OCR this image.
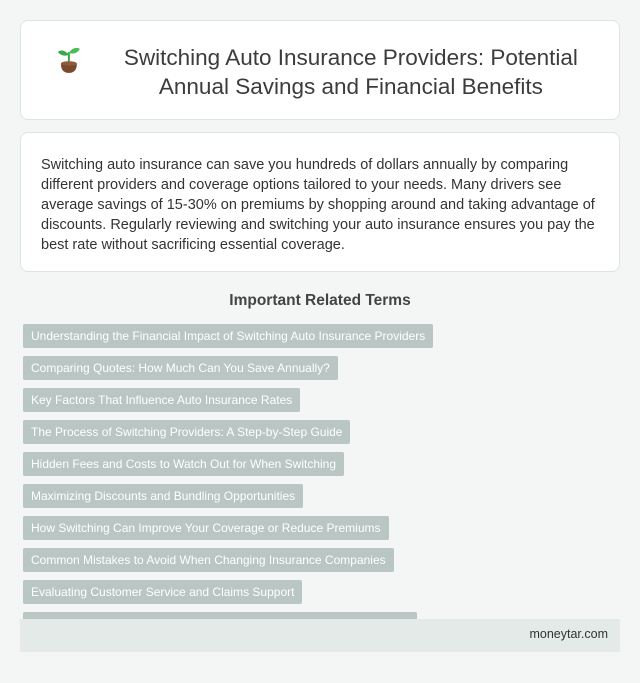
Switching Auto Insurance Providers: Potential Annual Savings and Financial Benefits

Switching auto insurance can save you hundreds of dollars annually by comparing different providers and coverage options tailored to your needs. Many drivers see average savings of 15-30% on premiums by shopping around and taking advantage of discounts. Regularly reviewing and switching your auto insurance ensures you pay the best rate without sacrificing essential coverage.

Important Related Terms
Understanding the Financial Impact of Switching Auto Insurance Providers
Comparing Quotes: How Much Can You Save Annually?
Key Factors That Influence Auto Insurance Rates
The Process of Switching Providers: A Step-by-Step Guide
Hidden Fees and Costs to Watch Out for When Switching
Maximizing Discounts and Bundling Opportunities
How Switching Can Improve Your Coverage or Reduce Premiums
Common Mistakes to Avoid When Changing Insurance Companies
Evaluating Customer Service and Claims Support
moneytar.com
